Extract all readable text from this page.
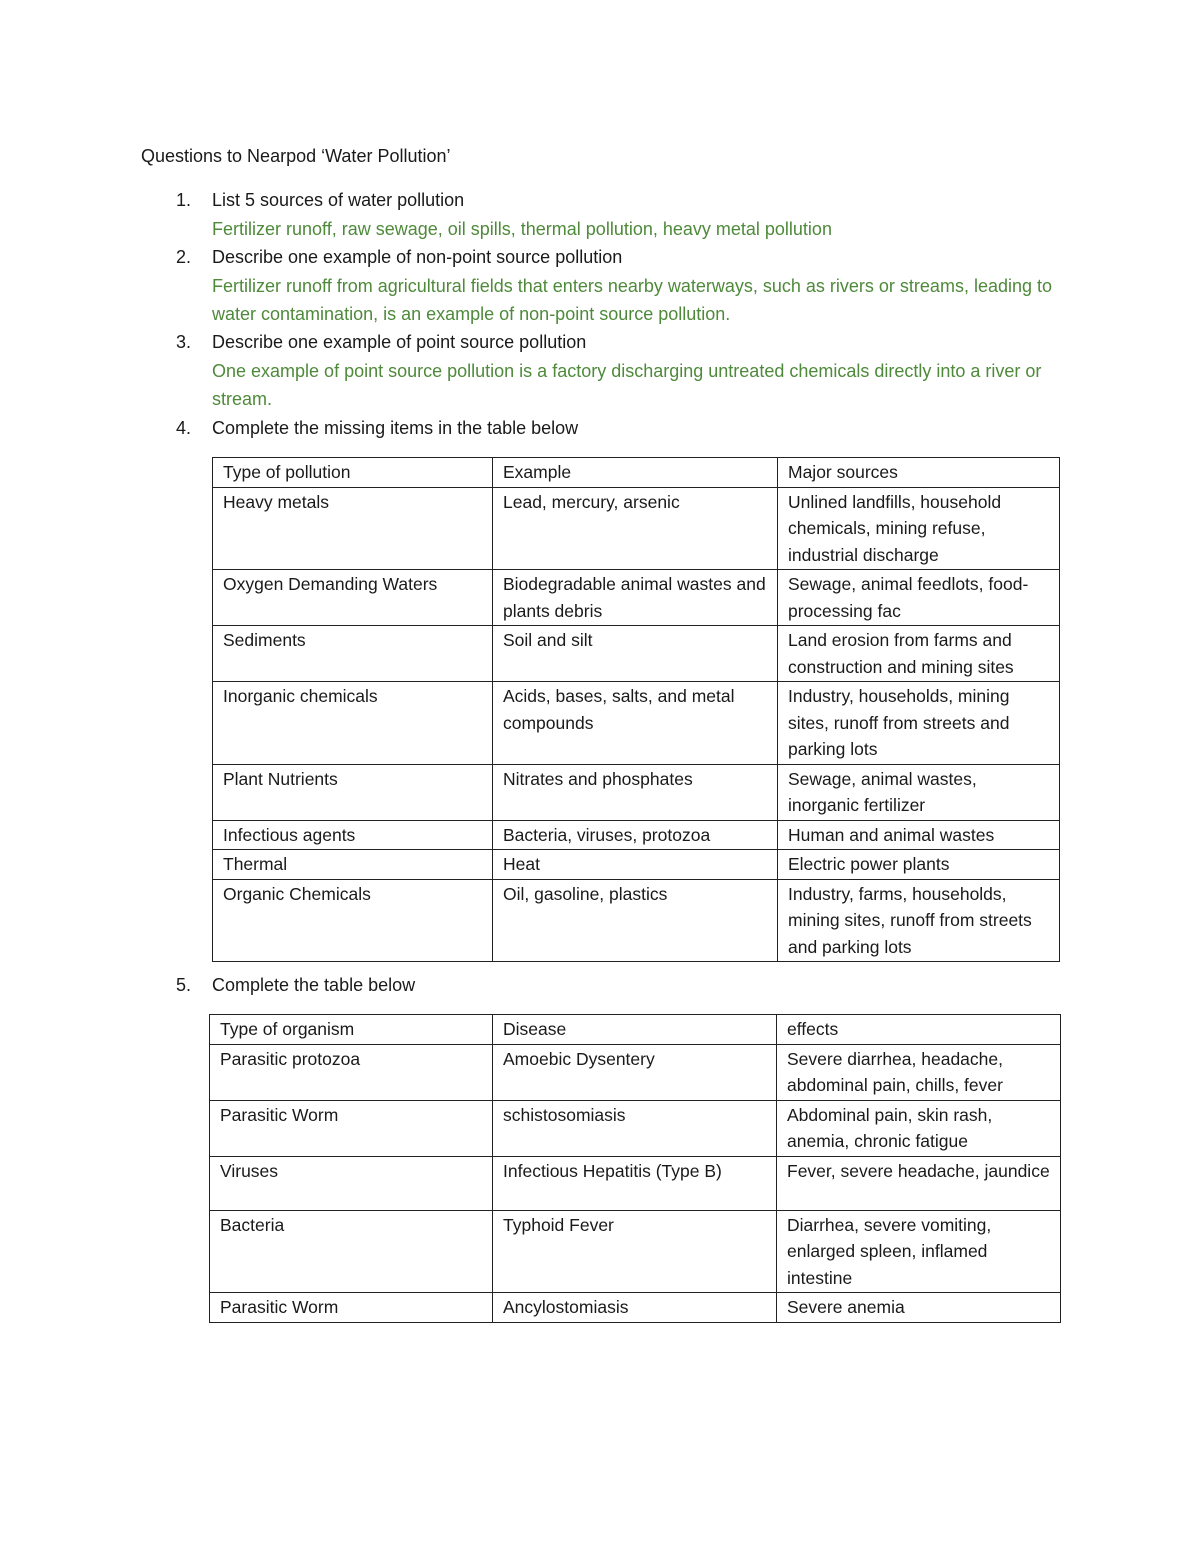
Questions to Nearpod ‘Water Pollution’
1.	List 5 sources of water pollution
Fertilizer runoff, raw sewage, oil spills, thermal pollution, heavy metal pollution
2.	Describe one example of non-point source pollution
Fertilizer runoff from agricultural fields that enters nearby waterways, such as rivers or streams, leading to water contamination, is an example of non-point source pollution.
3.	Describe one example of point source pollution
One example of point source pollution is a factory discharging untreated chemicals directly into a river or stream.
4.	Complete the missing items in the table below
Type of pollution	Example	Major sources
Heavy metals	Lead, mercury, arsenic	Unlined landfills, household chemicals, mining refuse, industrial discharge
Oxygen Demanding Waters	Biodegradable animal wastes and plants debris	Sewage, animal feedlots, food-processing fac
Sediments	Soil and silt	Land erosion from farms and construction and mining sites
Inorganic chemicals	Acids, bases, salts, and metal compounds	Industry, households, mining sites, runoff from streets and parking lots
Plant Nutrients	Nitrates and phosphates	Sewage, animal wastes, inorganic fertilizer
Infectious agents	Bacteria, viruses, protozoa	Human and animal wastes
Thermal	Heat	Electric power plants
Organic Chemicals	Oil, gasoline, plastics	Industry, farms, households, mining sites, runoff from streets and parking lots
5.	Complete the table below
Type of organism	Disease	effects
Parasitic protozoa	Amoebic Dysentery	Severe diarrhea, headache, abdominal pain, chills, fever
Parasitic Worm	schistosomiasis	Abdominal pain, skin rash, anemia, chronic fatigue
Viruses	Infectious Hepatitis (Type B)	Fever, severe headache, jaundice
Bacteria	Typhoid Fever	Diarrhea, severe vomiting, enlarged spleen, inflamed intestine
Parasitic Worm	Ancylostomiasis	Severe anemia
